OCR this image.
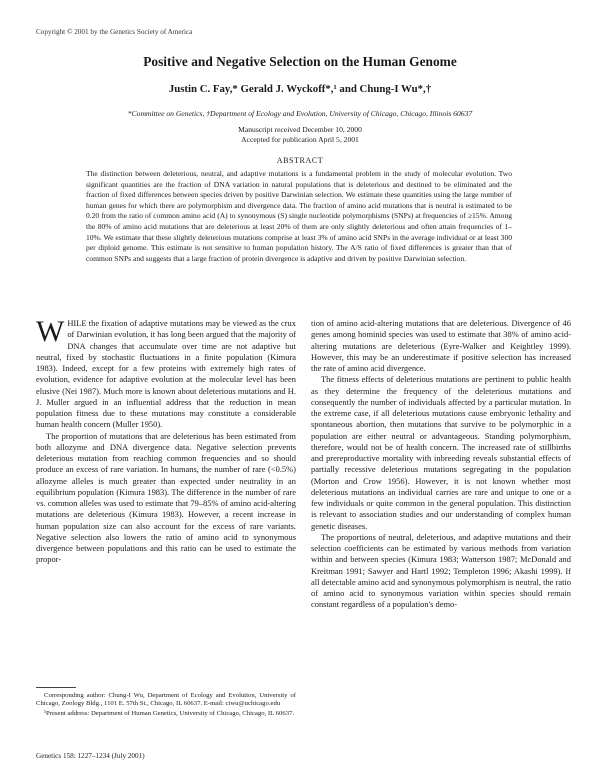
Copyright © 2001 by the Genetics Society of America
Positive and Negative Selection on the Human Genome
Justin C. Fay,* Gerald J. Wyckoff*,¹ and Chung-I Wu*,†
*Committee on Genetics, †Department of Ecology and Evolution, University of Chicago, Chicago, Illinois 60637
Manuscript received December 10, 2000
Accepted for publication April 5, 2001
ABSTRACT
The distinction between deleterious, neutral, and adaptive mutations is a fundamental problem in the study of molecular evolution. Two significant quantities are the fraction of DNA variation in natural populations that is deleterious and destined to be eliminated and the fraction of fixed differences between species driven by positive Darwinian selection. We estimate these quantities using the large number of human genes for which there are polymorphism and divergence data. The fraction of amino acid mutations that is neutral is estimated to be 0.20 from the ratio of common amino acid (A) to synonymous (S) single nucleotide polymorphisms (SNPs) at frequencies of ≥15%. Among the 80% of amino acid mutations that are deleterious at least 20% of them are only slightly deleterious and often attain frequencies of 1–10%. We estimate that these slightly deleterious mutations comprise at least 3% of amino acid SNPs in the average individual or at least 300 per diploid genome. This estimate is not sensitive to human population history. The A/S ratio of fixed differences is greater than that of common SNPs and suggests that a large fraction of protein divergence is adaptive and driven by positive Darwinian selection.

WHILE the fixation of adaptive mutations may be viewed as the crux of Darwinian evolution, it has long been argued that the majority of DNA changes that accumulate over time are not adaptive but neutral, fixed by stochastic fluctuations in a finite population (Kimura 1983). Indeed, except for a few proteins with extremely high rates of evolution, evidence for adaptive evolution at the molecular level has been elusive (Nei 1987). Much more is known about deleterious mutations and H. J. Muller argued in an influential address that the reduction in mean population fitness due to these mutations may constitute a considerable human health concern (Muller 1950).

The proportion of mutations that are deleterious has been estimated from both allozyme and DNA divergence data. Negative selection prevents deleterious mutation from reaching common frequencies and so should produce an excess of rare variation. In humans, the number of rare (<0.5%) allozyme alleles is much greater than expected under neutrality in an equilibrium population (Kimura 1983). The difference in the number of rare vs. common alleles was used to estimate that 79–85% of amino acid-altering mutations are deleterious (Kimura 1983). However, a recent increase in human population size can also account for the excess of rare variants. Negative selection also lowers the ratio of amino acid to synonymous divergence between populations and this ratio can be used to estimate the propor-

tion of amino acid-altering mutations that are deleterious. Divergence of 46 genes among hominid species was used to estimate that 38% of amino acid-altering mutations are deleterious (Eyre-Walker and Keightley 1999). However, this may be an underestimate if positive selection has increased the rate of amino acid divergence.

The fitness effects of deleterious mutations are pertinent to public health as they determine the frequency of the deleterious mutations and consequently the number of individuals affected by a particular mutation. In the extreme case, if all deleterious mutations cause embryonic lethality and spontaneous abortion, then mutations that survive to be polymorphic in a population are either neutral or advantageous. Standing polymorphism, therefore, would not be of health concern. The increased rate of stillbirths and prereproductive mortality with inbreeding reveals substantial effects of partially recessive deleterious mutations segregating in the population (Morton and Crow 1956). However, it is not known whether most deleterious mutations an individual carries are rare and unique to one or a few individuals or quite common in the general population. This distinction is relevant to association studies and our understanding of complex human genetic diseases.

The proportions of neutral, deleterious, and adaptive mutations and their selection coefficients can be estimated by various methods from variation within and between species (Kimura 1983; Watterson 1987; McDonald and Kreitman 1991; Sawyer and Hartl 1992; Templeton 1996; Akashi 1999). If all detectable amino acid and synonymous polymorphism is neutral, the ratio of amino acid to synonymous variation within species should remain constant regardless of a population's demo-

Corresponding author: Chung-I Wu, Department of Ecology and Evolution, University of Chicago, Zoology Bldg., 1101 E. 57th St., Chicago, IL 60637. E-mail: ciwu@uchicago.edu

¹Present address: Department of Human Genetics, University of Chicago, Chicago, IL 60637.

Genetics 158: 1227–1234 (July 2001)
